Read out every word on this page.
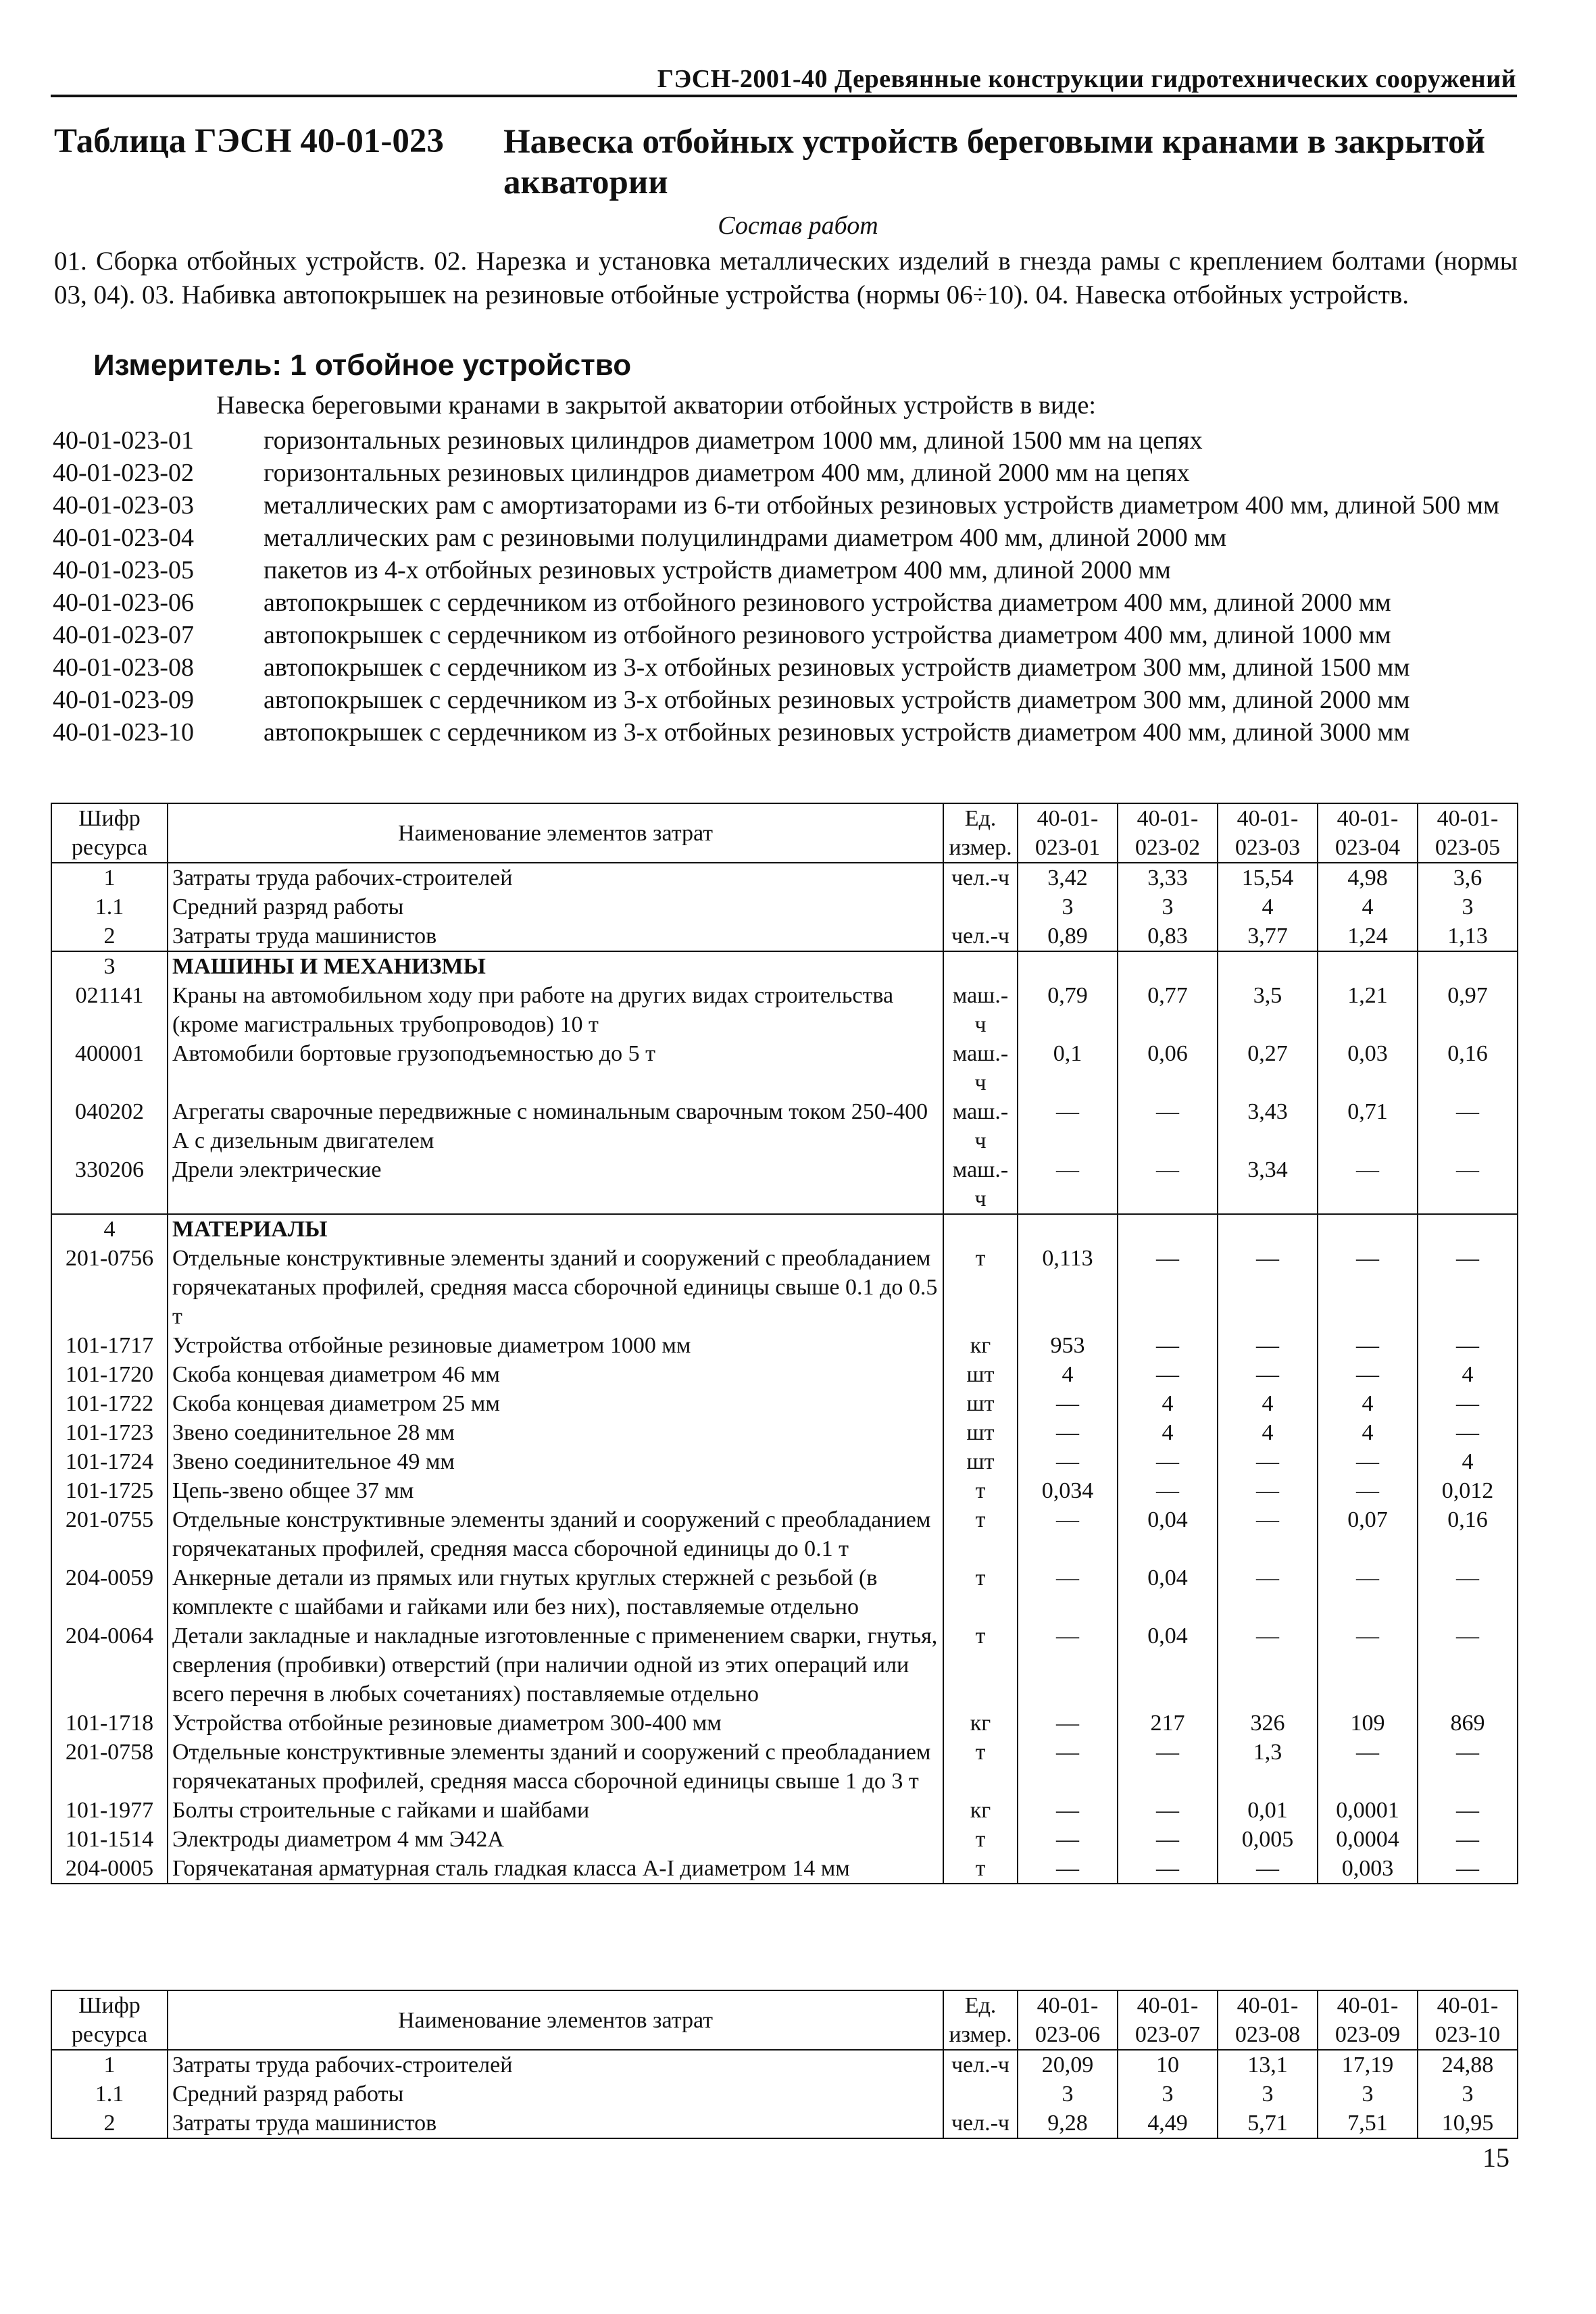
ГЭСН-2001-40 Деревянные конструкции гидротехнических сооружений
Таблица ГЭСН 40-01-023 Навеска отбойных устройств береговыми кранами в закрытой акватории
Состав работ
01. Сборка отбойных устройств. 02. Нарезка и установка металлических изделий в гнезда рамы с креплением болтами (нормы 03, 04). 03. Набивка автопокрышек на резиновые отбойные устройства (нормы 06÷10). 04. Навеска отбойных устройств.
Измеритель: 1 отбойное устройство
Навеска береговыми кранами в закрытой акватории отбойных устройств в виде:
40-01-023-01	горизонтальных резиновых цилиндров диаметром 1000 мм, длиной 1500 мм на цепях
40-01-023-02	горизонтальных резиновых цилиндров диаметром 400 мм, длиной 2000 мм на цепях
40-01-023-03	металлических рам с амортизаторами из 6-ти отбойных резиновых устройств диаметром 400 мм, длиной 500 мм
40-01-023-04	металлических рам с резиновыми полуцилиндрами диаметром 400 мм, длиной 2000 мм
40-01-023-05	пакетов из 4-х отбойных резиновых устройств диаметром 400 мм, длиной 2000 мм
40-01-023-06	автопокрышек с сердечником из отбойного резинового устройства диаметром 400 мм, длиной 2000 мм
40-01-023-07	автопокрышек с сердечником из отбойного резинового устройства диаметром 400 мм, длиной 1000 мм
40-01-023-08	автопокрышек с сердечником из 3-х отбойных резиновых устройств диаметром 300 мм, длиной 1500 мм
40-01-023-09	автопокрышек с сердечником из 3-х отбойных резиновых устройств диаметром 300 мм, длиной 2000 мм
40-01-023-10	автопокрышек с сердечником из 3-х отбойных резиновых устройств диаметром 400 мм, длиной 3000 мм
Шифр ресурса	Наименование элементов затрат	Ед. измер.	40-01-023-01	40-01-023-02	40-01-023-03	40-01-023-04	40-01-023-05
1	Затраты труда рабочих-строителей	чел.-ч	3,42	3,33	15,54	4,98	3,6
1.1	Средний разряд работы		3	3	4	4	3
2	Затраты труда машинистов	чел.-ч	0,89	0,83	3,77	1,24	1,13
3	МАШИНЫ И МЕХАНИЗМЫ						
021141	Краны на автомобильном ходу при работе на других видах строительства (кроме магистральных трубопроводов) 10 т	маш.-ч	0,79	0,77	3,5	1,21	0,97
400001	Автомобили бортовые грузоподъемностью до 5 т	маш.-ч	0,1	0,06	0,27	0,03	0,16
040202	Агрегаты сварочные передвижные с номинальным сварочным током 250-400 А с дизельным двигателем	маш.-ч	—	—	3,43	0,71	—
330206	Дрели электрические	маш.-ч	—	—	3,34	—	—
4	МАТЕРИАЛЫ						
201-0756	Отдельные конструктивные элементы зданий и сооружений с преобладанием горячекатаных профилей, средняя масса сборочной единицы свыше 0.1 до 0.5 т	т	0,113	—	—	—	—
101-1717	Устройства отбойные резиновые диаметром 1000 мм	кг	953	—	—	—	—
101-1720	Скоба концевая диаметром 46 мм	шт	4	—	—	—	4
101-1722	Скоба концевая диаметром 25 мм	шт	—	4	4	4	—
101-1723	Звено соединительное 28 мм	шт	—	4	4	4	—
101-1724	Звено соединительное 49 мм	шт	—	—	—	—	4
101-1725	Цепь-звено общее 37 мм	т	0,034	—	—	—	0,012
201-0755	Отдельные конструктивные элементы зданий и сооружений с преобладанием горячекатаных профилей, средняя масса сборочной единицы до 0.1 т	т	—	0,04	—	0,07	0,16
204-0059	Анкерные детали из прямых или гнутых круглых стержней с резьбой (в комплекте с шайбами и гайками или без них), поставляемые отдельно	т	—	0,04	—	—	—
204-0064	Детали закладные и накладные изготовленные с применением сварки, гнутья, сверления (пробивки) отверстий (при наличии одной из этих операций или всего перечня в любых сочетаниях) поставляемые отдельно	т	—	0,04	—	—	—
101-1718	Устройства отбойные резиновые диаметром 300-400 мм	кг	—	217	326	109	869
201-0758	Отдельные конструктивные элементы зданий и сооружений с преобладанием горячекатаных профилей, средняя масса сборочной единицы свыше 1 до 3 т	т	—	—	1,3	—	—
101-1977	Болты строительные с гайками и шайбами	кг	—	—	0,01	0,0001	—
101-1514	Электроды диаметром 4 мм Э42А	т	—	—	0,005	0,0004	—
204-0005	Горячекатаная арматурная сталь гладкая класса А-I диаметром 14 мм	т	—	—	—	0,003	—
Шифр ресурса	Наименование элементов затрат	Ед. измер.	40-01-023-06	40-01-023-07	40-01-023-08	40-01-023-09	40-01-023-10
1	Затраты труда рабочих-строителей	чел.-ч	20,09	10	13,1	17,19	24,88
1.1	Средний разряд работы		3	3	3	3	3
2	Затраты труда машинистов	чел.-ч	9,28	4,49	5,71	7,51	10,95
15
